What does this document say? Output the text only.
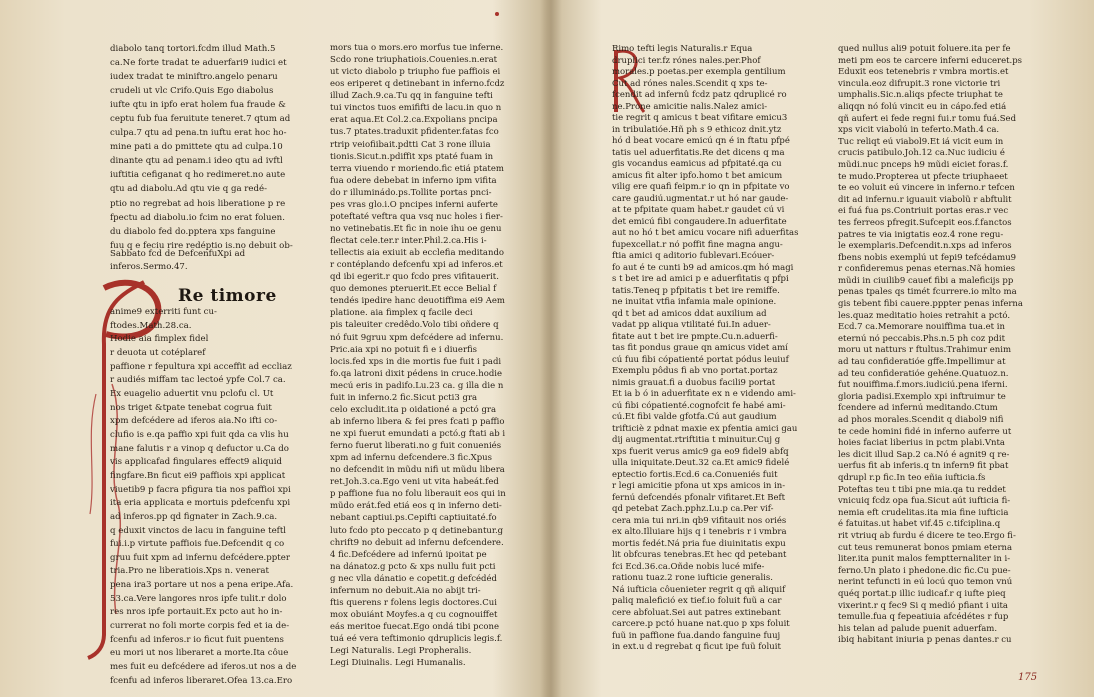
diabolo tanq tortori.fcdm illud Math.5
ca.Ne forte tradat te aduerfari9 iudici et
iudex tradat te miniftro.angelo penaru
crudeli ut vlc Crifo.Quis Ego diabolus
iufte qtu in ipfo erat holem fua fraude &
ceptu fub fua feruitute teneret.7 qtum ad
culpa.7 qtu ad pena.tn iuftu erat hoc ho-
mine pati a do pmittete qtu ad culpa.10
dinante qtu ad penam.i ideo qtu ad ivftl
iuftitia cefiganat q ho redimeret.no aute
qtu ad diabolu.Ad qtu vie q ga redé-
ptio no regrebat ad hois liberatione p re
fpectu ad diabolu.io fcim no erat foluen.
du diabolo fed do.pptera xps fanguine
fuu q e feciu rire redéptio is.no debuit ob-
Sabbato fcd de DefcenfuXpi ad inferos.Sermo.47.
Re timore
anime9 exterriti funt cu-
ftodes.Math.28.ca.
Hodie aia fimplex fidel
r deuota ut cotéplaref
paffione r fepultura xpi acceffit ad eccliaz
r audiés miffam tac lectoé ypfe Col.7 ca.
Ex euagelio aduertit vnu pclofu cl. Ut
nos triget &tpate tenebat cogrua fuit
xpm defcédere ad iferos aia.No ifti co-
clufio is e.qa paffio xpi fuit qda ca vlis hu
mane falutis r a vinop q defuctor u.Ca do
vis applicafad fingulares effect9 aliquid
fingfare.Bn ficut ei9 paffiois xpi applicat
viuetib9 p facra pfigura tia nos paffioi xpi
ita eria applicata e mortuis pdefcenfu xpi
ad inferos.pp qd fignater in Zach.9.ca.
q eduxit vinctos de lacu in fanguine teftl
fui.i.p virtute paffiois fue.Defcendit q co
gruu fuit xpm ad infernu defcédere.ppter
tria.Pro ne liberatiois.Xps n. venerat
pena ira3 portare ut nos a pena eripe.Afa.
53.ca.Vere langores nros ipfe tulit.r dolo
res nros ipfe portauit.Ex pcto aut ho in-
currerat no foli morte corpis fed et ia de-
fcenfu ad inferos.r io ficut fuit puentens
eu mori ut nos liberaret a morte.Ita côue
mes fuit eu defcédere ad iferos.ut nos a de
fcenfu ad inferos liberaret.Ofea 13.ca.Ero
mors tua o mors.ero morfus tue inferne.
Scdo rone triuphatiois.Couenies.n.erat
ut victo diabolo p triupho fue paffiois ei
eos eriperet q detinebant in inferno.fcdz
illud Zach.9.ca.Tu qq in fanguine tefti
tui vinctos tuos emififti de lacu.in quo n
erat aqua.Et Col.2.ca.Expolians pncipa
tus.7 ptates.traduxit pfidenter.fatas fco
rtrip veiofiibait.pdtti Cat 3 rone illuia
tionis.Sicut.n.pdiffit xps ptaté fuam in
terra viuendo r moriendo.fic etiá ptatem
fua odere debebat in inferno ipm vifita
do r illuminádo.ps.Tollite portas pnci-
pes vras glo.i.O pncipes inferni auferte
poteftaté veftra qua vsq nuc holes i fier-
no vetinebatis.Et fic in noie ihu oe genu
flectat cele.ter.r inter.Phil.2.ca.His i-
tellectis aia exiuit ab ecclefia meditando
r contéplando defcenfu xpi ad inferos.et
qd ibi egerit.r quo fcdo pres vifitauerit.
quo demones pteruerit.Et ecce Belial f
tendés ipedire hanc deuotiffima ei9 Aem
platione. aia fimplex q facile deci
pis taleuiter credêdo.Volo tibi oñdere q
nó fuit 9gruu xpm defcédere ad infernu.
Pric.aia xpi no potuit fi e i diuerfis
locis.fed xps in die mortis fue fuit i padi
fo.qa latroni dixit pédens in cruce.hodie
mecú eris in padifo.Lu.23 ca. g illa die n
fuit in inferno.2 fic.Sicut pcti3 gra
celo excludit.ita p oidationé a pctó gra
ab inferno libera & fei pres fcati p paffio
ne xpi fuerut emundati a pctó.g ftati ab i
ferno fuerut liberati.no g fuit conueniés
xpm ad infernu defcendere.3 fic.Xpus
no defcendit in mũdu nifi ut mũdu libera
ret.Joh.3.ca.Ego veni ut vita habeát.fed
p paffione fua no folu liberauit eos qui in
mũdo erát.fed etiá eos q in inferno deti-
nebant captiui.ps.Cepifti captiuitaté.fo
luto fcdo pto peccato p q detinebantur.g
chrift9 no debuit ad infernu defcendere.
4 fic.Defcédere ad infernú ipoitat pe
na dánatoz.g pcto & xps nullu fuit pcti
g nec vlla dánatio e copetit.g defcédéd
infernum no debuit.Aia no abijt tri-
ftis querens r folens legis doctores.Cui
mox obuiánt Moyfes.a q cu cognouiffet
eás meritoe fuecat.Ego ondá tibi pcone
tuá eé vera teftimonio qdruplicis legis.f.
Legi Naturalis. Legi Propheralis.
Legi Diuinalis. Legi Humanalis.
Rimo tefti legis Naturalis.r Equa
druplici ter.fz rónes nales.per.Phof
morales.p poetas.per exempla gentilium
Cut ad rónes nales.Scendit q xps te-
fcendit ad infernû fcdz patz qdruplicé ro
ne.Prone amicitie nalis.Nalez amici-
tie regrit q amicus t beat vifitare emicu3
in tribulatióe.Hñ ph s 9 ethicoz dnit.ytz
hó d beat vocare emicú qn é in ftatu pfpé
tatis uel aduerfitatis.Re det dicens q ma
gis vocandus eamicus ad pfpitaté.qa cu
amicus fit alter ipfo.homo t bet amicum
vilig ere quafi feipm.r io qn in pfpitate vo
care gaudiú.ugmentat.r ut hó nar gaude-
at te pfpitate quam habet.r gaudet cú vi
det emicú fibi congaudere.In aduerfitate
aut no hó t bet amicu vocare nifi aduerfitas
fupexcellat.r nó poffit fine magna angu-
ftia amici q aditorio fublevari.Ecóuer-
fo aut é te cunti b9 ad amicos.qm hó magi
s t bet ire ad amici p e aduerfitatis q pfpi
tatis.Teneq p pfpitatis t bet ire remiffe.
ne inuitat vtfia infamia male opinione.
qd t bet ad amicos ddat auxilium ad
vadat pp aliqua vtilitaté fui.In aduer-
fitate aut t bet ire pmpte.Cu.n.aduerfi-
tas fit pondus graue qn amicus videt amí
cú fuu fibi cópatienté portat pódus leuiuf
Exemplu pôdus fi ab vno portat.portaz
nimis grauat.fi a duobus facili9 portat
Et ia b ó in aduerfitate ex n e videndo ami-
cú fibi cópatienté.cognofcit fe habé ami-
cú.Et fibi valde gfotfa.Cú aut gaudium
trifticiè z pdnat maxie ex pfentia amici gau
dij augmentat.rtriftitia t minuitur.Cuj g
xps fuerit verus amic9 ga eo9 fidel9 abfq
ulla iniquitate.Deut.32 ca.Et amic9 fidelé
eptectio fortis.Ecd.6 ca.Conueniés fuit
r legi amicitie pfona ut xps amicos in in-
fernú defcendés pfonalr vifitaret.Et Beft
qd petebat Zach.pphz.Lu.p ca.Per vif-
cera mia tui nri.in qb9 vifitauit nos oriés
ex alto.Illuiare hijs q i tenebris r i vmbra
mortis fedét.Ná pria fue diuinitatis expu
lit obfcuras tenebras.Et hec qd petebant
fci Ecd.36.ca.Oñde nobis lucé mife-
rationu tuaz.2 rone iufticie generalis.
Ná iufticia côuenieter regrit q qñ aliquif
paliq malefició ex tief.io foluit fuũ a car
cere abfoluat.Sei aut patres extinebant
carcere.p pctó huane nat.quo p xps foluit
fuũ in paffione fua.dando fanguine fuuj
in ext.u d regrebat q ficut ipe fuũ foluit
qued nullus ali9 potuit foluere.ita per fe
meti pm eos te carcere inferni educeret.ps
Eduxit eos tetenebris r vmbra mortis.et
vincula.eoz difrupit.3 rone victorie tri
umphalis.Sic.n.aliqs pfecte triuphat te
aliqqn nó folú vincit eu in cápo.fed etiá
qñ aufert ei fede regni fui.r tomu fuá.Sed
xps vicit viabolú in teferto.Math.4 ca.
Tuc reliqt eú viabol9.Et iá vicit eum in
crucis patibulo.Joh.12 ca.Nuc iudiciu é
mũdi.nuc pnceps h9 mũdi eiciet foras.f.
te mudo.Propterea ut pfecte triuphaeet
te eo voluit eú vincere in inferno.r tefcen
dit ad infernu.r iguauit viabolũ r abftulit
ei fuá fua ps.Contriuit portas eras.r vec
tes ferreos pfregit.Sufcepit eos.f.fanctos
patres te via inigtatis eoz.4 rone regu-
le exemplaris.Defcendit.n.xps ad inferos
fbens nobis exemplú ut fepi9 tefcédamu9
r confideremus penas eternas.Nã homies
mũdi in ciuilib9 caueť fibi a maleficijs pp
penas tpales qs timét fcurrere.io mlto ma
gis tebent fibi cauere.pppter penas inferna
les.quaz meditatio hoies retrahit a pctó.
Ecd.7 ca.Memorare nouiffima tua.et in
eternú nó peccabis.Phs.n.5 ph coz pdit
moru ut natturs r ftultus.Trahimur enim
ad tau confideratióe gffe.Impellimur at
ad teu confideratióe gehéne.Quatuoz.n.
fut nouiffima.f.mors.iudiciú.pena iferni.
gloria padisi.Exemplo xpi inftruimur te
fcendere ad infernú meditando.Ctum
ad phos morales.Scendit q diabol9 nifi
te cede homini fidé in inferno auferre ut
hoies faciat liberius in pctm plabi.Vnta
les dicit illud Sap.2 ca.Nó é agnit9 q re-
uerfus fit ab inferis.q tn infern9 fit pbat
qdrupl r.p fic.In teo eñia iufticia.fs
Poteftas teu t tibi pne mia.qa tu reddet
vnicuiq fcdz opa fua.Sicut aút iufticia fi-
nemia eft crudelitas.ita mia fine iufticia
é fatuitas.ut habet vif.45 c.tifciplina.q
rit vtriuq ab furdu é dicere te teo.Ergo fi-
cut teus remunerat bonos pmiam eterna
liter.ita punit malos femptternaliter in i-
ferno.Un plato i phedone.dic fic.Cu pue-
nerint tefuncti in eú locú quo temon vnú
quéq portat.p illic iudicaf.r q iufte pieq
vixerint.r q fec9 Si q medió pfiant i uita
temulle.fua q fepeatiuia afcédétes r fup
his telan ad palude puenit aduerfam.
ibiq habitant iniuria p penas dantes.r cu
175
